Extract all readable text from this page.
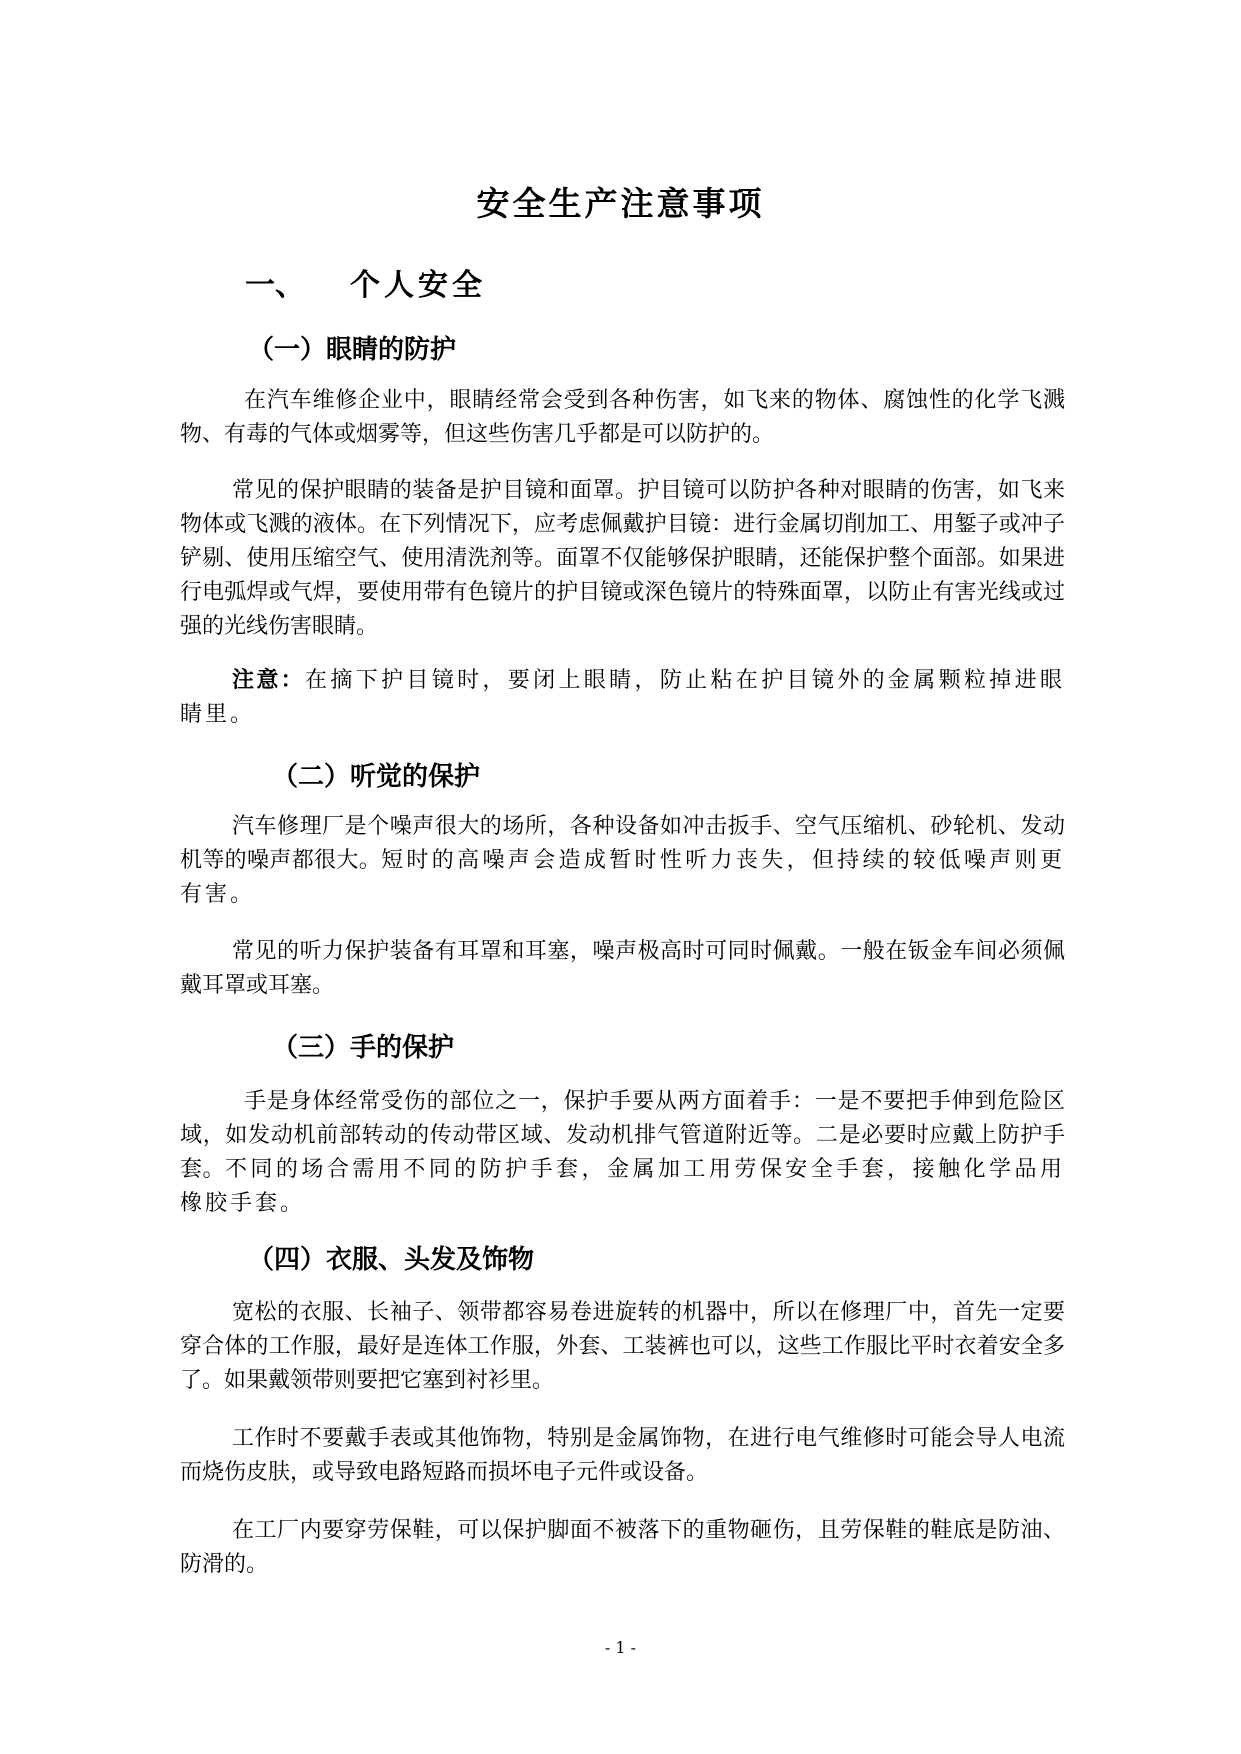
安全生产注意事项
一、 个人安全
（一）眼睛的防护

在汽车维修企业中，眼睛经常会受到各种伤害，如飞来的物体、腐蚀性的化学飞溅物、有毒的气体或烟雾等，但这些伤害几乎都是可以防护的。

常见的保护眼睛的装备是护目镜和面罩。护目镜可以防护各种对眼睛的伤害，如飞来物体或飞溅的液体。在下列情况下，应考虑佩戴护目镜：进行金属切削加工、用錾子或冲子铲剔、使用压缩空气、使用清洗剂等。面罩不仅能够保护眼睛，还能保护整个面部。如果进行电弧焊或气焊，要使用带有色镜片的护目镜或深色镜片的特殊面罩，以防止有害光线或过强的光线伤害眼睛。

注意：在摘下护目镜时，要闭上眼睛，防止粘在护目镜外的金属颗粒掉进眼睛里。

（二）听觉的保护

汽车修理厂是个噪声很大的场所，各种设备如冲击扳手、空气压缩机、砂轮机、发动机等的噪声都很大。短时的高噪声会造成暂时性听力丧失，但持续的较低噪声则更有害。

常见的听力保护装备有耳罩和耳塞，噪声极高时可同时佩戴。一般在钣金车间必须佩戴耳罩或耳塞。

（三）手的保护

手是身体经常受伤的部位之一，保护手要从两方面着手：一是不要把手伸到危险区域，如发动机前部转动的传动带区域、发动机排气管道附近等。二是必要时应戴上防护手套。不同的场合需用不同的防护手套，金属加工用劳保安全手套，接触化学品用橡胶手套。

（四）衣服、头发及饰物

宽松的衣服、长袖子、领带都容易卷进旋转的机器中，所以在修理厂中，首先一定要穿合体的工作服，最好是连体工作服，外套、工装裤也可以，这些工作服比平时衣着安全多了。如果戴领带则要把它塞到衬衫里。

工作时不要戴手表或其他饰物，特别是金属饰物，在进行电气维修时可能会导人电流而烧伤皮肤，或导致电路短路而损坏电子元件或设备。

在工厂内要穿劳保鞋，可以保护脚面不被落下的重物砸伤，且劳保鞋的鞋底是防油、防滑的。

- 1 -
